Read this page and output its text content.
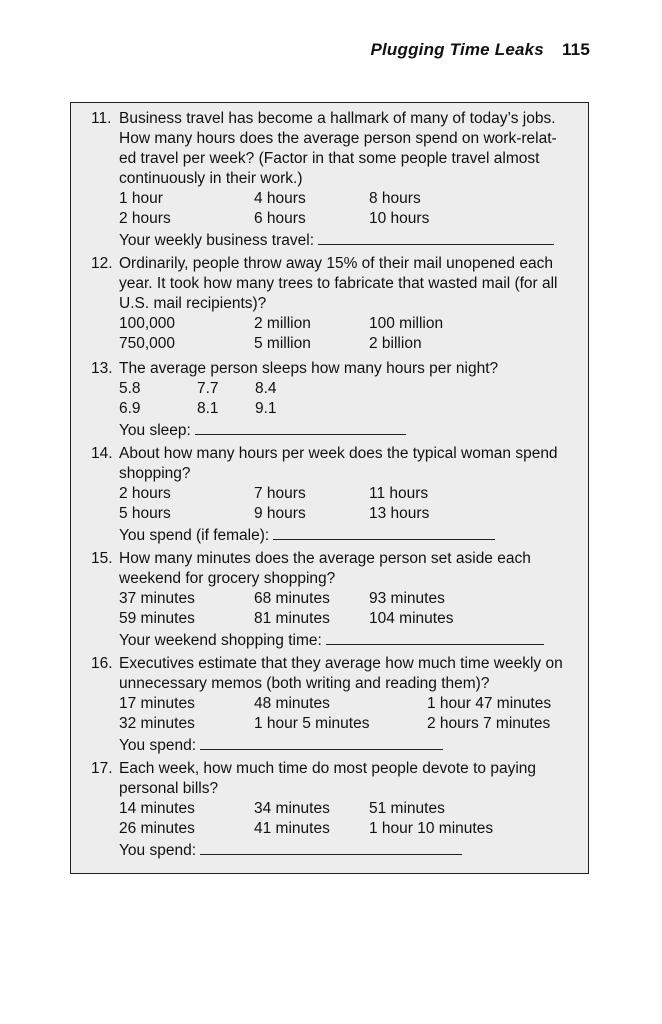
Plugging Time Leaks 115
11. Business travel has become a hallmark of many of today’s jobs.
How many hours does the average person spend on work-relat-
ed travel per week? (Factor in that some people travel almost
continuously in their work.)
1 hour	4 hours	8 hours
2 hours	6 hours	10 hours
Your weekly business travel:
12. Ordinarily, people throw away 15% of their mail unopened each
year. It took how many trees to fabricate that wasted mail (for all
U.S. mail recipients)?
100,000	2 million	100 million
750,000	5 million	2 billion
13. The average person sleeps how many hours per night?
5.8	7.7 8.4
6.9	8.1 9.1
You sleep:
14. About how many hours per week does the typical woman spend
shopping?
2 hours	7 hours	11 hours
5 hours	9 hours	13 hours
You spend (if female):
15. How many minutes does the average person set aside each
weekend for grocery shopping?
37 minutes	68 minutes	93 minutes
59 minutes	81 minutes	104 minutes
Your weekend shopping time:
16. Executives estimate that they average how much time weekly on
unnecessary memos (both writing and reading them)?
17 minutes	48 minutes	1 hour 47 minutes
32 minutes	1 hour 5 minutes	2 hours 7 minutes
You spend:
17. Each week, how much time do most people devote to paying
personal bills?
14 minutes	34 minutes	51 minutes
26 minutes	41 minutes	1 hour 10 minutes
You spend:
